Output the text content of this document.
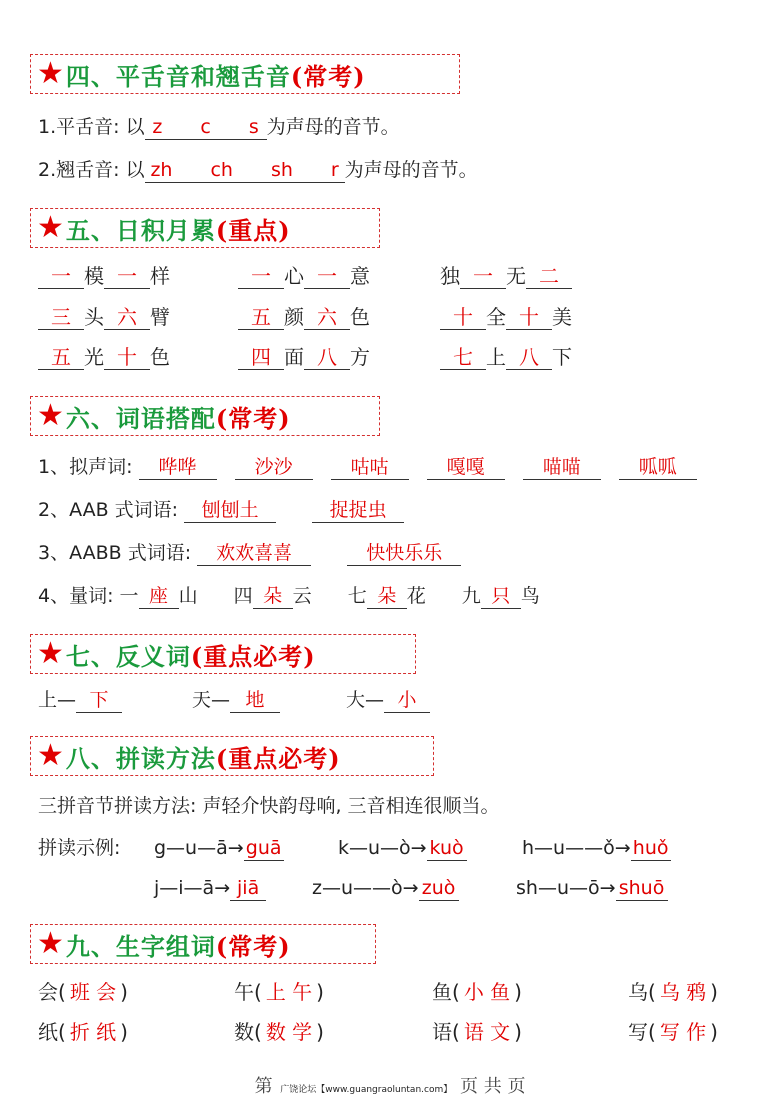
★ 四、平舌音和翘舌音 (常考)
1.平舌音: 以 z　　c　　s 为声母的音节。
2.翘舌音: 以 zh　　ch　　sh　　r 为声母的音节。
★ 五、日积月累 (重点)
一 模 一 样	一 心 一 意	独 一 无 二
三 头 六 臂	五 颜 六 色	十 全 十 美
五 光 十 色	四 面 八 方	七 上 八 下
★ 六、词语搭配 (常考)
1、拟声词: 哗哗	沙沙	咕咕	嘎嘎	喵喵	呱呱
2、AAB 式词语: 刨刨土	捉捉虫
3、AABB 式词语: 欢欢喜喜	快快乐乐
4、量词: 一 座 山 四 朵 云 七 朵 花 九 只 鸟
★ 七、反义词 (重点必考)
上— 下	天— 地	大— 小
★ 八、拼读方法 (重点必考)
三拼音节拼读方法: 声轻介快韵母响, 三音相连很顺当。
拼读示例: g—u—ā→ guā	k—u—ò→ kuò	h—u——ǒ→ huǒ
j—i—ā→ jiā	z—u——ò→ zuò	sh—u—ō→ shuō
★ 九、生字组词 (常考)
会( 班 会 )	午( 上 午 )	鱼( 小 鱼 )	乌( 乌 鸦 )
纸( 折 纸 )	数( 数 学 )	语( 语 文 )	写( 写 作 )
第 广饶论坛【www.guangraoluntan.com】 页 共 页
